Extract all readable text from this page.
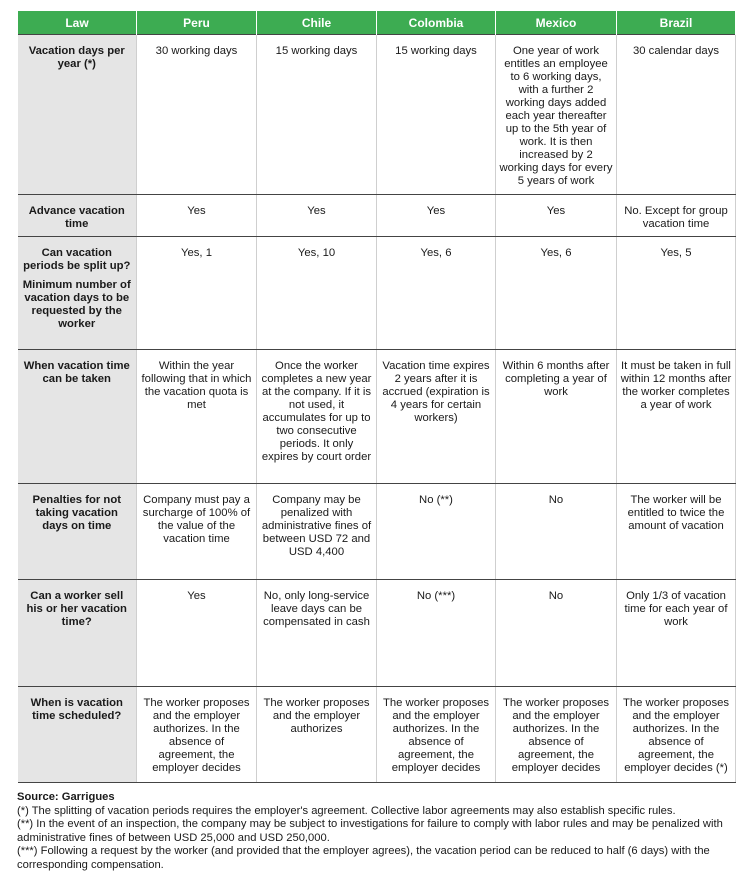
Law	Peru	Chile	Colombia	Mexico	Brazil
Vacation days per year (*)	30 working days	15 working days	15 working days	One year of work entitles an employee to 6 working days, with a further 2 working days added each year thereafter up to the 5th year of work. It is then increased by 2 working days for every 5 years of work	30 calendar days
Advance vacation time	Yes	Yes	Yes	Yes	No. Except for group vacation time
Can vacation periods be split up?
Minimum number of vacation days to be requested by the worker	Yes, 1	Yes, 10	Yes, 6	Yes, 6	Yes, 5
When vacation time can be taken	Within the year following that in which the vacation quota is met	Once the worker completes a new year at the company. If it is not used, it accumulates for up to two consecutive periods. It only expires by court order	Vacation time expires 2 years after it is accrued (expiration is 4 years for certain workers)	Within 6 months after completing a year of work	It must be taken in full within 12 months after the worker completes a year of work
Penalties for not taking vacation days on time	Company must pay a surcharge of 100% of the value of the vacation time	Company may be penalized with administrative fines of between USD 72 and USD 4,400	No (**)	No	The worker will be entitled to twice the amount of vacation
Can a worker sell his or her vacation time?	Yes	No, only long-service leave days can be compensated in cash	No (***)	No	Only 1/3 of vacation time for each year of work
When is vacation time scheduled?	The worker proposes and the employer authorizes. In the absence of agreement, the employer decides	The worker proposes and the employer authorizes	The worker proposes and the employer authorizes. In the absence of agreement, the employer decides	The worker proposes and the employer authorizes. In the absence of agreement, the employer decides	The worker proposes and the employer authorizes. In the absence of agreement, the employer decides (*)
Source: Garrigues
(*) The splitting of vacation periods requires the employer's agreement. Collective labor agreements may also establish specific rules.
(**) In the event of an inspection, the company may be subject to investigations for failure to comply with labor rules and may be penalized with administrative fines of between USD 25,000 and USD 250,000.
(***) Following a request by the worker (and provided that the employer agrees), the vacation period can be reduced to half (6 days) with the corresponding compensation.
